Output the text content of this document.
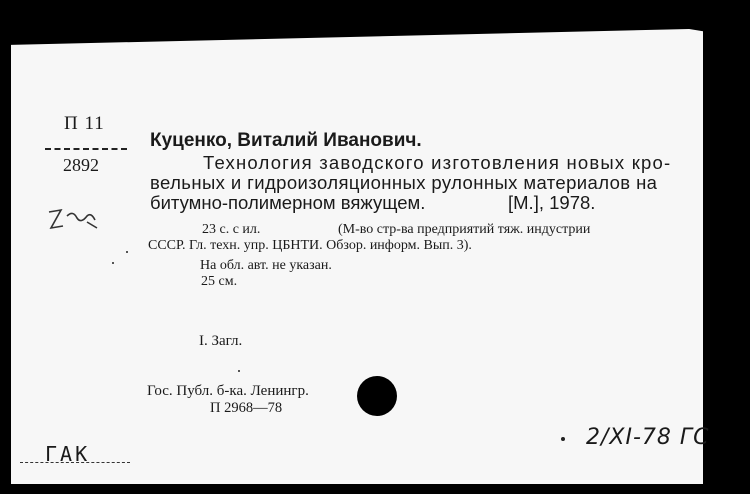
П 11
2892
Куценко, Виталий Иванович.
Технология заводского изготовления новых кро-
вельных и гидроизоляционных рулонных материалов на
битумно-полимерном вяжущем.	[М.], 1978.
23 с. с ил.	(М-во стр-ва предприятий тяж. индустрии
СССР. Гл. техн. упр. ЦБНТИ. Обзор. информ. Вып. 3).
На обл. авт. не указан.
25 см.
I. Загл.
Гос. Публ. б-ка. Ленингр.
П 2968—78
ГАК
2/XI-78 ГС
